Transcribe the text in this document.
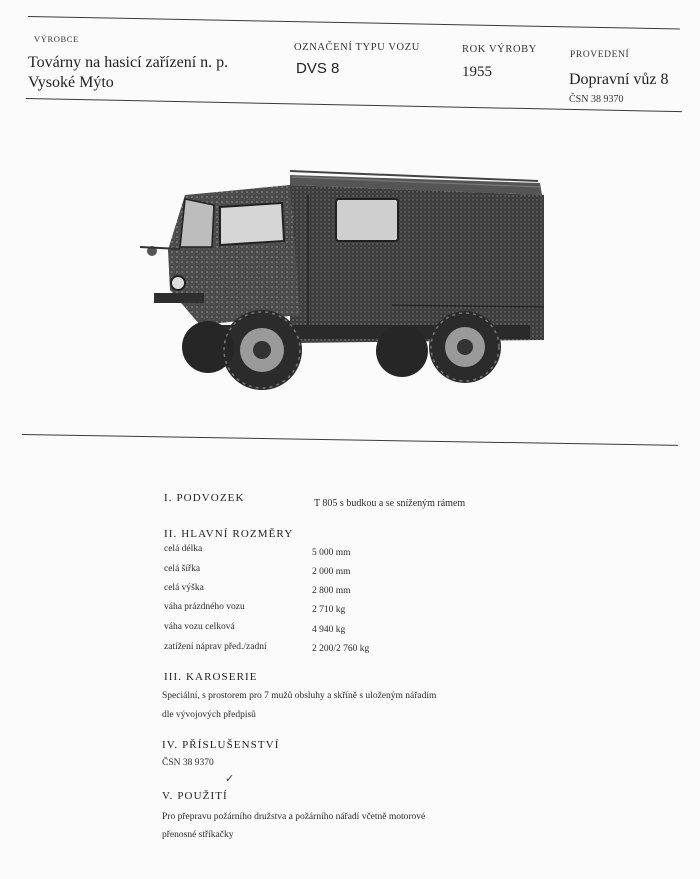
VÝROBCE
Továrny na hasicí zařízení n. p.
Vysoké Mýto
OZNAČENÍ TYPU VOZU
DVS 8
ROK VÝROBY
1955
PROVEDENÍ
Dopravní vůz 8
ČSN 38 9370
I. PODVOZEK	T 805 s budkou a se sníženým rámem
II. HLAVNÍ ROZMĚRY
celá délka	5 000 mm
celá šířka	2 000 mm
celá výška	2 800 mm
váha prázdného vozu	2 710 kg
váha vozu celková	4 940 kg
zatížení náprav před./zadní	2 200/2 760 kg
III. KAROSERIE
Speciální, s prostorem pro 7 mužů obsluhy a skříně s uloženým nářadím
dle vývojových předpisů
IV. PŘÍSLUŠENSTVÍ
ČSN 38 9370
✓
V. POUŽITÍ
Pro přepravu požárního družstva a požárního nářadí včetně motorové
přenosné stříkačky
